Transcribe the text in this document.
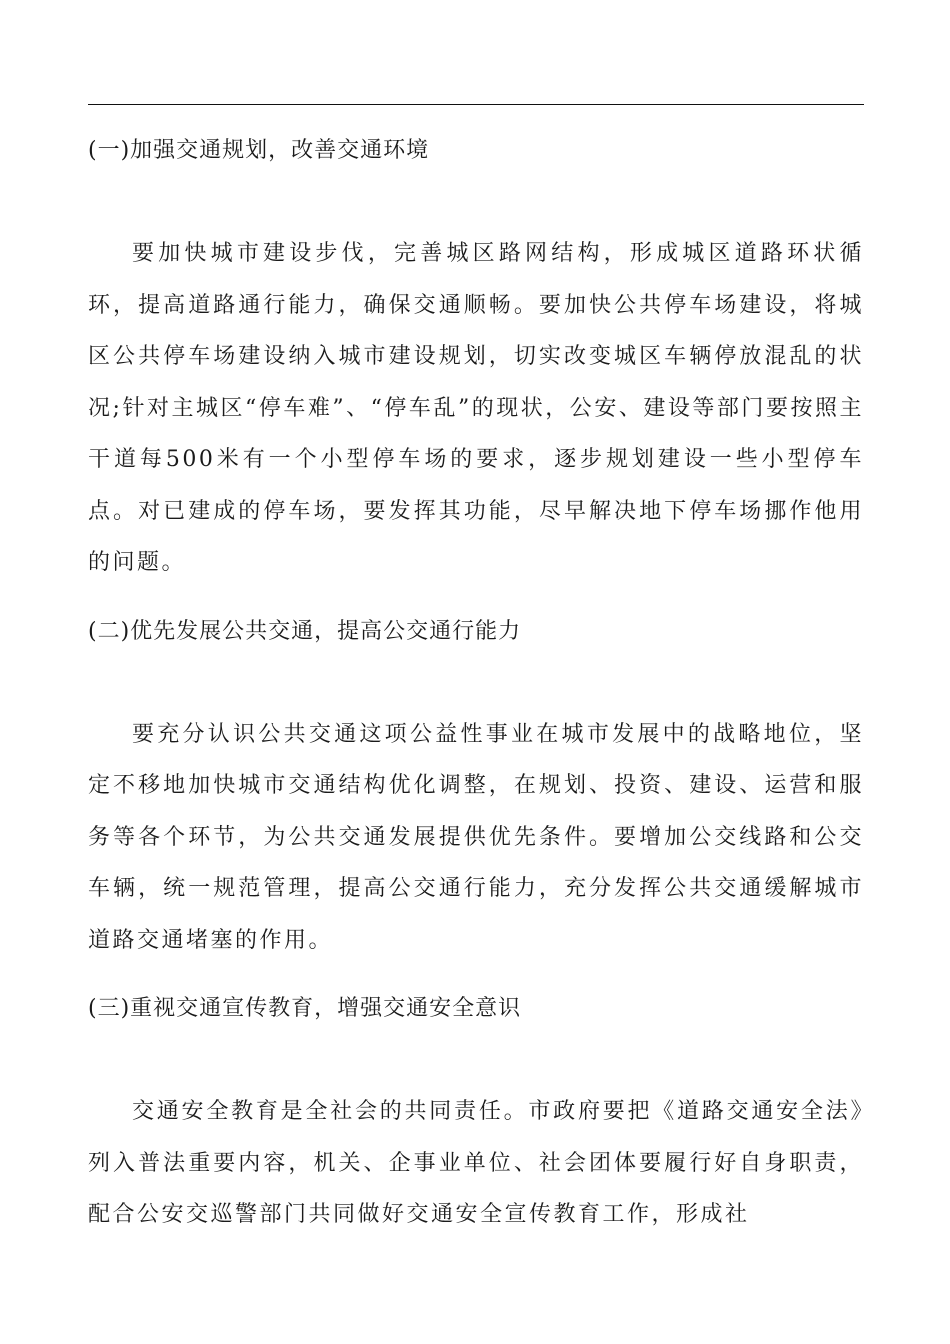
(一)加强交通规划，改善交通环境

要加快城市建设步伐，完善城区路网结构，形成城区道路环状循环，提高道路通行能力，确保交通顺畅。要加快公共停车场建设，将城区公共停车场建设纳入城市建设规划，切实改变城区车辆停放混乱的状况;针对主城区“停车难”、“停车乱”的现状，公安、建设等部门要按照主干道每500米有一个小型停车场的要求，逐步规划建设一些小型停车点。对已建成的停车场，要发挥其功能，尽早解决地下停车场挪作他用的问题。

(二)优先发展公共交通，提高公交通行能力

要充分认识公共交通这项公益性事业在城市发展中的战略地位，坚定不移地加快城市交通结构优化调整，在规划、投资、建设、运营和服务等各个环节，为公共交通发展提供优先条件。要增加公交线路和公交车辆，统一规范管理，提高公交通行能力，充分发挥公共交通缓解城市道路交通堵塞的作用。

(三)重视交通宣传教育，增强交通安全意识

交通安全教育是全社会的共同责任。市政府要把《道路交通安全法》列入普法重要内容，机关、企事业单位、社会团体要履行好自身职责，配合公安交巡警部门共同做好交通安全宣传教育工作，形成社
